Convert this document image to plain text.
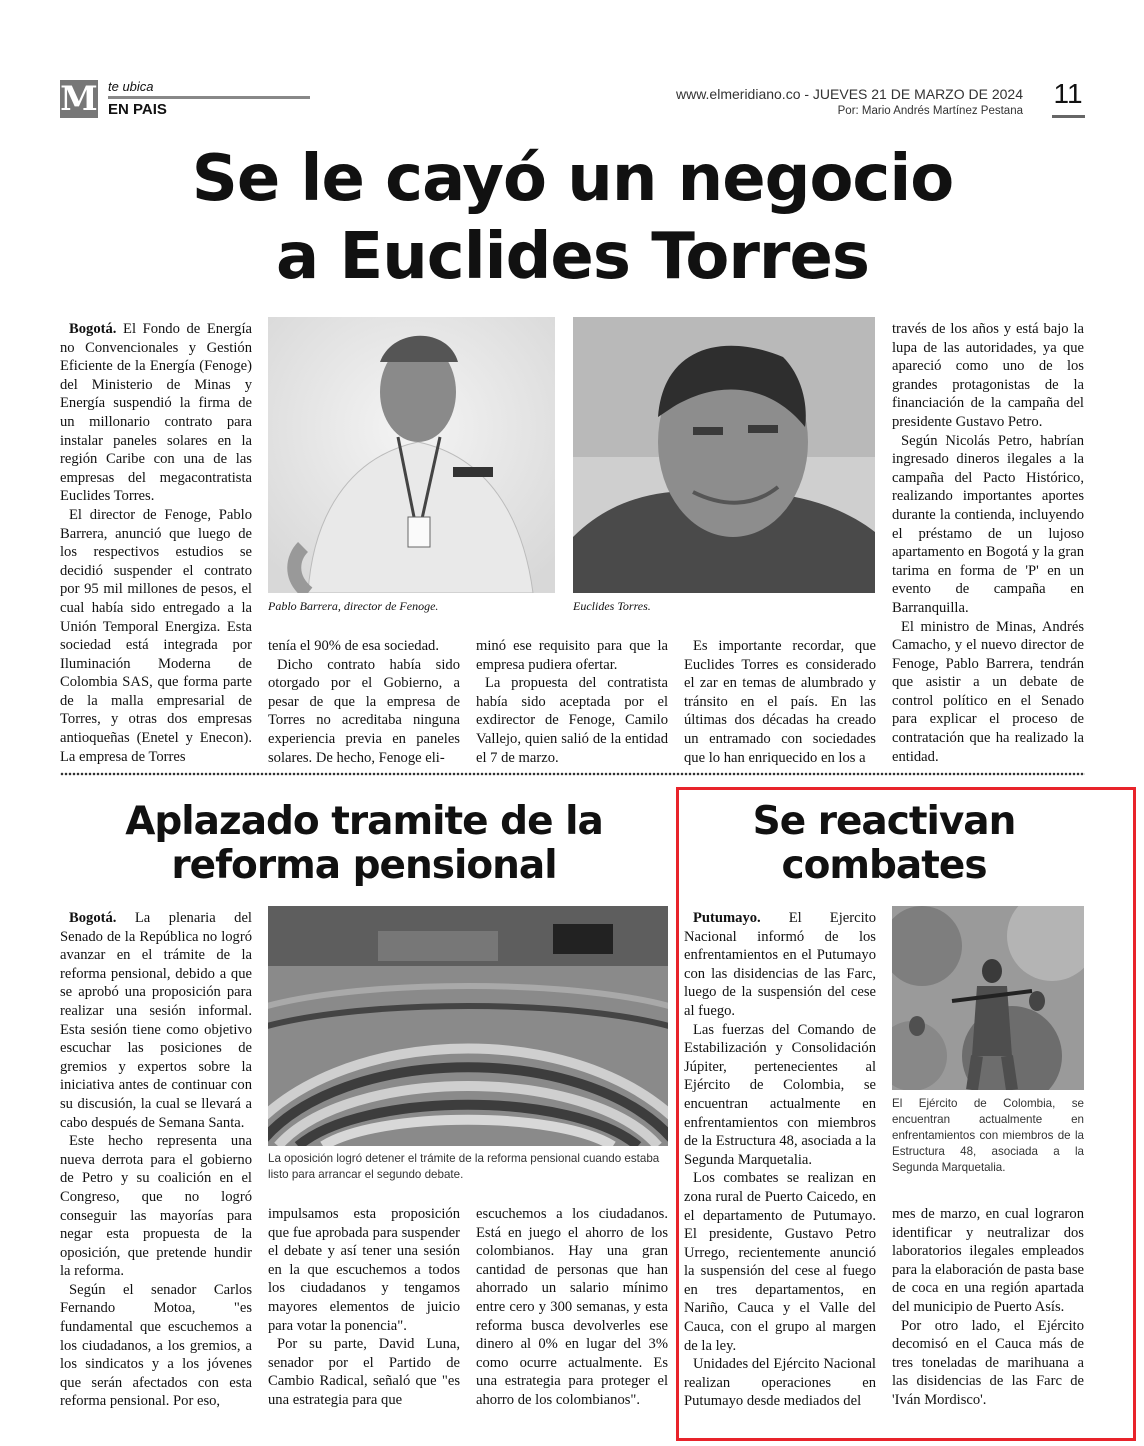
M te ubica
EN PAIS
www.elmeridiano.co - JUEVES 21 DE MARZO DE 2024
Por: Mario Andrés Martínez Pestana
11
Se le cayó un negocio
a Euclides Torres

Bogotá. El Fondo de Energía no Convencionales y Gestión Eficiente de la Energía (Fenoge) del Ministerio de Minas y Energía suspendió la firma de un millonario contrato para instalar paneles solares en la región Caribe con una de las empresas del megacontratista Euclides Torres.

El director de Fenoge, Pablo Barrera, anunció que luego de los respectivos estudios se decidió suspender el contrato por 95 mil millones de pesos, el cual había sido entregado a la Unión Temporal Energiza. Esta sociedad está integrada por Iluminación Moderna de Colombia SAS, que forma parte de la malla empresarial de Torres, y otras dos empresas antioqueñas (Enetel y Enecon). La empresa de Torres

Pablo Barrera, director de Fenoge.	Euclides Torres.

tenía el 90% de esa sociedad.

Dicho contrato había sido otorgado por el Gobierno, a pesar de que la empresa de Torres no acreditaba ninguna experiencia previa en paneles solares. De hecho, Fenoge eli-

minó ese requisito para que la empresa pudiera ofertar.

La propuesta del contratista había sido aceptada por el exdirector de Fenoge, Camilo Vallejo, quien salió de la entidad el 7 de marzo.

Es importante recordar, que Euclides Torres es considerado el zar en temas de alumbrado y tránsito en el país. En las últimas dos décadas ha creado un entramado con sociedades que lo han enriquecido en los a

través de los años y está bajo la lupa de las autoridades, ya que apareció como uno de los grandes protagonistas de la financiación de la campaña del presidente Gustavo Petro.

Según Nicolás Petro, habrían ingresado dineros ilegales a la campaña del Pacto Histórico, realizando importantes aportes durante la contienda, incluyendo el préstamo de un lujoso apartamento en Bogotá y la gran tarima en forma de 'P' en un evento de campaña en Barranquilla.

El ministro de Minas, Andrés Camacho, y el nuevo director de Fenoge, Pablo Barrera, tendrán que asistir a un debate de control político en el Senado para explicar el proceso de contratación que ha realizado la entidad.

Aplazado tramite de la
reforma pensional

Bogotá. La plenaria del Senado de la República no logró avanzar en el trámite de la reforma pensional, debido a que se aprobó una proposición para realizar una sesión informal. Esta sesión tiene como objetivo escuchar las posiciones de gremios y expertos sobre la iniciativa antes de continuar con su discusión, la cual se llevará a cabo después de Semana Santa.

Este hecho representa una nueva derrota para el gobierno de Petro y su coalición en el Congreso, que no logró conseguir las mayorías para negar esta propuesta de la oposición, que pretende hundir la reforma.

Según el senador Carlos Fernando Motoa, "es fundamental que escuchemos a los ciudadanos, a los gremios, a los sindicatos y a los jóvenes que serán afectados con esta reforma pensional. Por eso,

La oposición logró detener el trámite de la reforma pensional cuando estaba listo para arrancar el segundo debate.

impulsamos esta proposición que fue aprobada para suspender el debate y así tener una sesión en la que escuchemos a todos los ciudadanos y tengamos mayores elementos de juicio para votar la ponencia".

Por su parte, David Luna, senador por el Partido de Cambio Radical, señaló que "es una estrategia para que

escuchemos a los ciudadanos. Está en juego el ahorro de los colombianos. Hay una gran cantidad de personas que han ahorrado un salario mínimo entre cero y 300 semanas, y esta reforma busca devolverles ese dinero al 0% en lugar del 3% como ocurre actualmente. Es una estrategia para proteger el ahorro de los colombianos".

Se reactivan
combates

Putumayo. El Ejercito Nacional informó de los enfrentamientos en el Putumayo con las disidencias de las Farc, luego de la suspensión del cese al fuego.

Las fuerzas del Comando de Estabilización y Consolidación Júpiter, pertenecientes al Ejército de Colombia, se encuentran actualmente en enfrentamientos con miembros de la Estructura 48, asociada a la Segunda Marquetalia.

Los combates se realizan en zona rural de Puerto Caicedo, en el departamento de Putumayo. El presidente, Gustavo Petro Urrego, recientemente anunció la suspensión del cese al fuego en tres departamentos, en Nariño, Cauca y el Valle del Cauca, con el grupo al margen de la ley.

Unidades del Ejército Nacional realizan operaciones en Putumayo desde mediados del

El Ejército de Colombia, se encuentran actualmente en enfrentamientos con miembros de la Estructura 48, asociada a la Segunda Marquetalia.

mes de marzo, en cual lograron identificar y neutralizar dos laboratorios ilegales empleados para la elaboración de pasta base de coca en una región apartada del municipio de Puerto Asís.

Por otro lado, el Ejército decomisó en el Cauca más de tres toneladas de marihuana a las disidencias de las Farc de 'Iván Mordisco'.
